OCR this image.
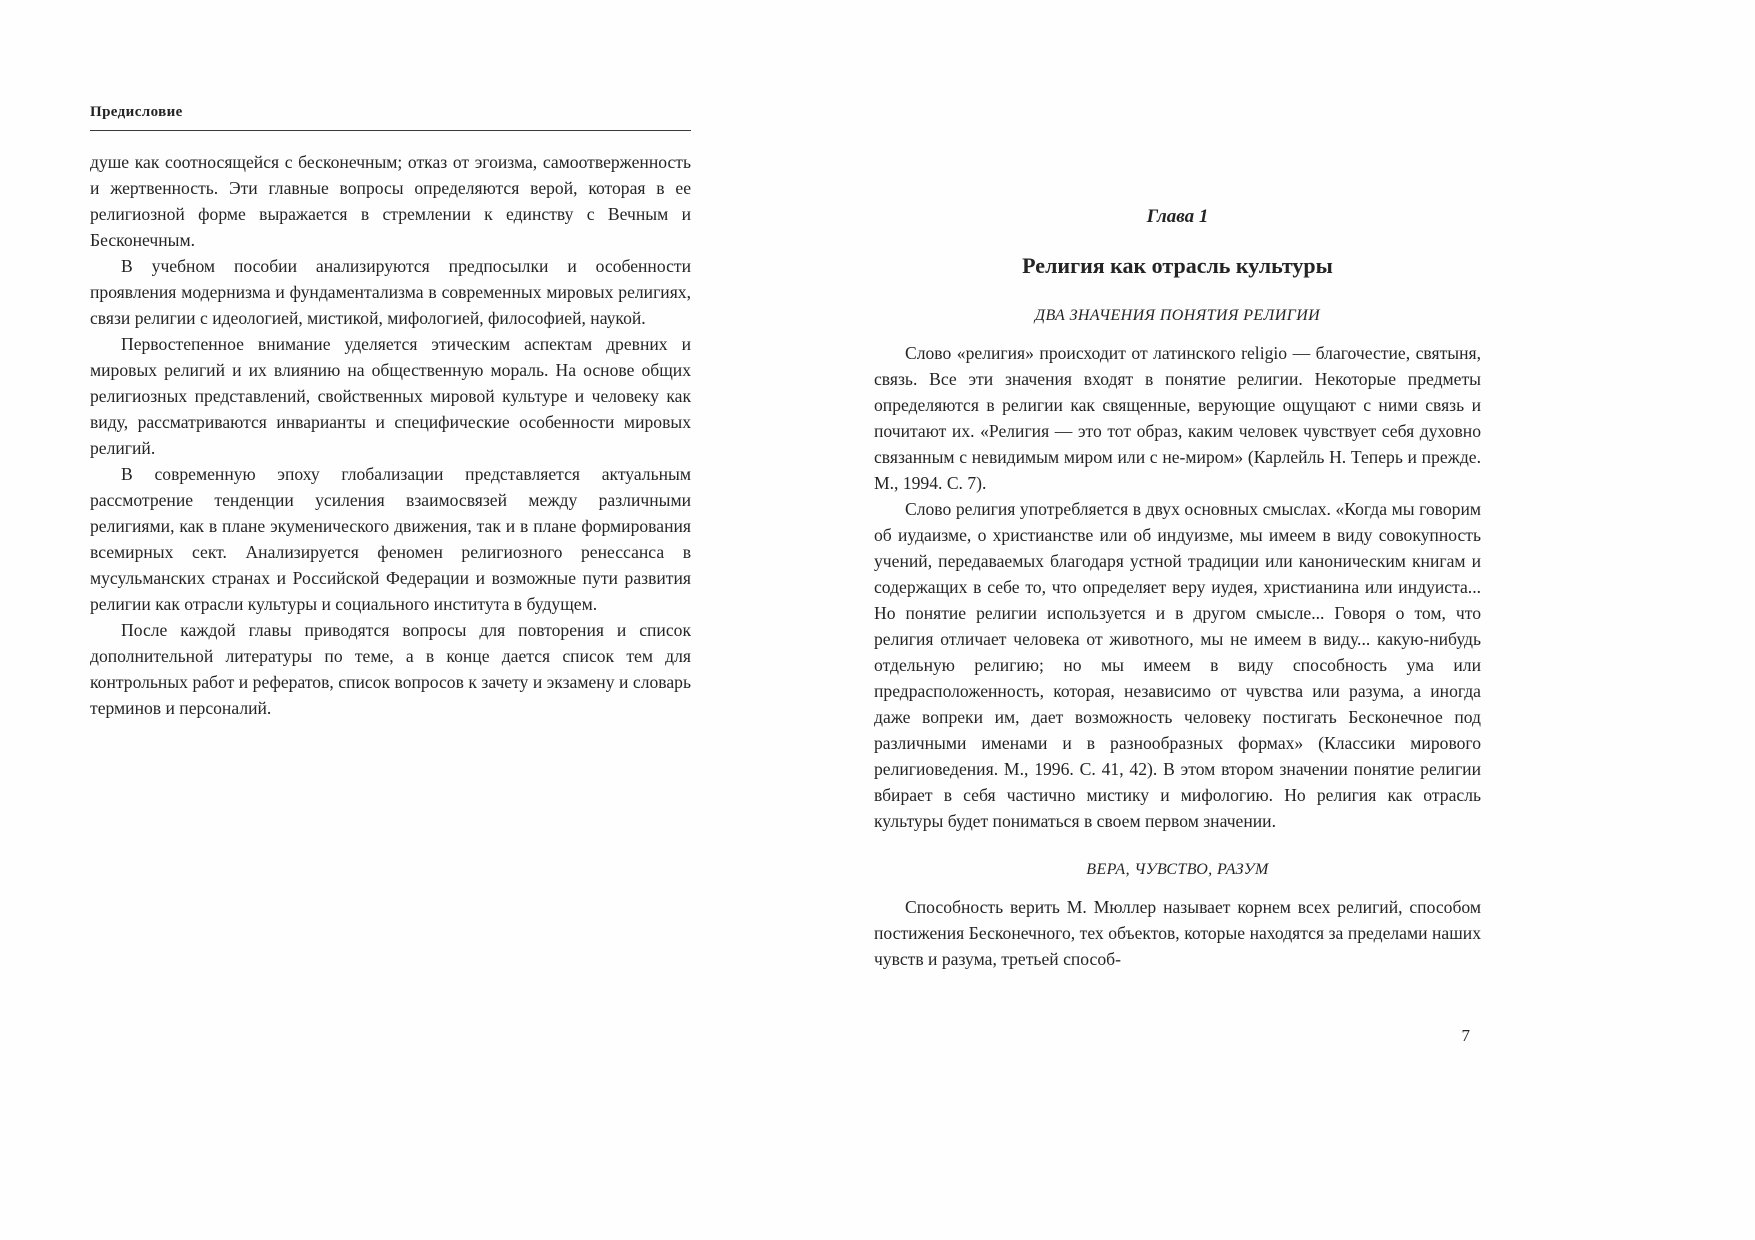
Предисловие

душе как соотносящейся с бесконечным; отказ от эгоизма, самоотверженность и жертвенность. Эти главные вопросы определяются верой, которая в ее религиозной форме выражается в стремлении к единству с Вечным и Бесконечным.

В учебном пособии анализируются предпосылки и особенности проявления модернизма и фундаментализма в современных мировых религиях, связи религии с идеологией, мистикой, мифологией, философией, наукой.

Первостепенное внимание уделяется этическим аспектам древних и мировых религий и их влиянию на общественную мораль. На основе общих религиозных представлений, свойственных мировой культуре и человеку как виду, рассматриваются инварианты и специфические особенности мировых религий.

В современную эпоху глобализации представляется актуальным рассмотрение тенденции усиления взаимосвязей между различными религиями, как в плане экуменического движения, так и в плане формирования всемирных сект. Анализируется феномен религиозного ренессанса в мусульманских странах и Российской Федерации и возможные пути развития религии как отрасли культуры и социального института в будущем.

После каждой главы приводятся вопросы для повторения и список дополнительной литературы по теме, а в конце дается список тем для контрольных работ и рефератов, список вопросов к зачету и экзамену и словарь терминов и персоналий.

Глава 1
Религия как отрасль культуры
ДВА ЗНАЧЕНИЯ ПОНЯТИЯ РЕЛИГИИ

Слово «религия» происходит от латинского religio — благочестие, святыня, связь. Все эти значения входят в понятие религии. Некоторые предметы определяются в религии как священные, верующие ощущают с ними связь и почитают их. «Религия — это тот образ, каким человек чувствует себя духовно связанным с невидимым миром или с не-миром» (Карлейль Н. Теперь и прежде. М., 1994. С. 7).

Слово религия употребляется в двух основных смыслах. «Когда мы говорим об иудаизме, о христианстве или об индуизме, мы имеем в виду совокупность учений, передаваемых благодаря устной традиции или каноническим книгам и содержащих в себе то, что определяет веру иудея, христианина или индуиста... Но понятие религии используется и в другом смысле... Говоря о том, что религия отличает человека от животного, мы не имеем в виду... какую-нибудь отдельную религию; но мы имеем в виду способность ума или предрасположенность, которая, независимо от чувства или разума, а иногда даже вопреки им, дает возможность человеку постигать Бесконечное под различными именами и в разнообразных формах» (Классики мирового религиоведения. М., 1996. С. 41, 42). В этом втором значении понятие религии вбирает в себя частично мистику и мифологию. Но религия как отрасль культуры будет пониматься в своем первом значении.

ВЕРА, ЧУВСТВО, РАЗУМ

Способность верить М. Мюллер называет корнем всех религий, способом постижения Бесконечного, тех объектов, которые находятся за пределами наших чувств и разума, третьей способ-

7
